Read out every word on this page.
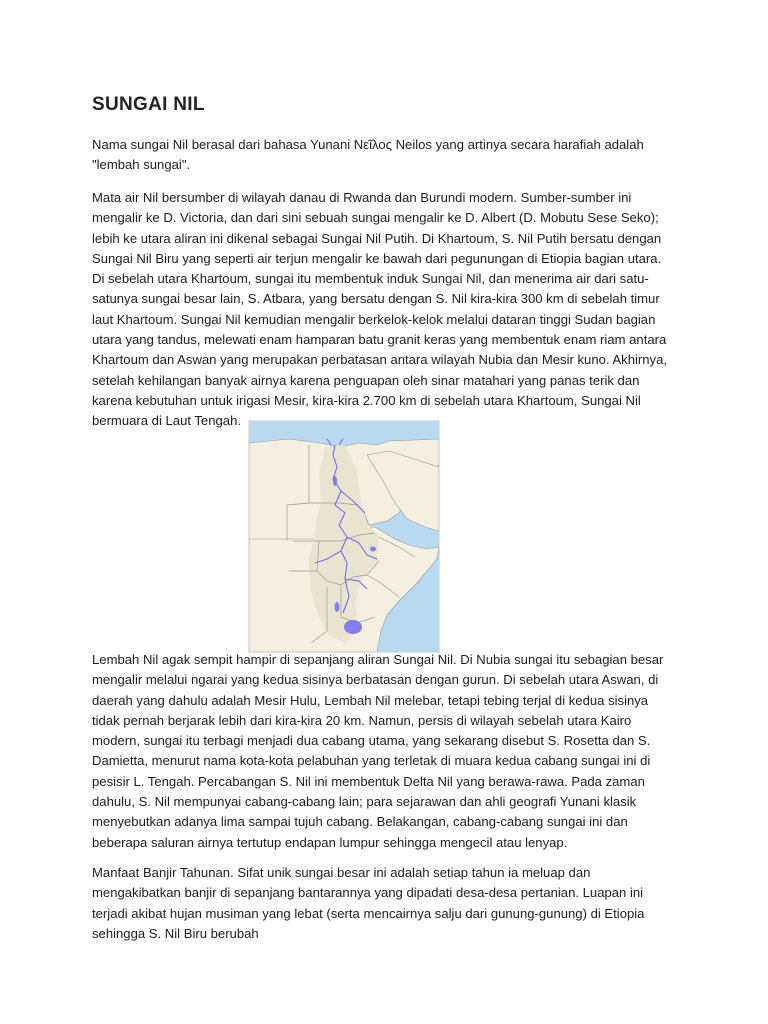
SUNGAI NIL

Nama sungai Nil berasal dari bahasa Yunani Νεῖλος Neilos yang artinya secara harafiah adalah "lembah sungai".

Mata air Nil bersumber di wilayah danau di Rwanda dan Burundi modern. Sumber-sumber ini mengalir ke D. Victoria, dan dari sini sebuah sungai mengalir ke D. Albert (D. Mobutu Sese Seko); lebih ke utara aliran ini dikenal sebagai Sungai Nil Putih. Di Khartoum, S. Nil Putih bersatu dengan Sungai Nil Biru yang seperti air terjun mengalir ke bawah dari pegunungan di Etiopia bagian utara. Di sebelah utara Khartoum, sungai itu membentuk induk Sungai Nil, dan menerima air dari satu-satunya sungai besar lain, S. Atbara, yang bersatu dengan S. Nil kira-kira 300 km di sebelah timur laut Khartoum. Sungai Nil kemudian mengalir berkelok-kelok melalui dataran tinggi Sudan bagian utara yang tandus, melewati enam hamparan batu granit keras yang membentuk enam riam antara Khartoum dan Aswan yang merupakan perbatasan antara wilayah Nubia dan Mesir kuno. Akhirnya, setelah kehilangan banyak airnya karena penguapan oleh sinar matahari yang panas terik dan karena kebutuhan untuk irigasi Mesir, kira-kira 2.700 km di sebelah utara Khartoum, Sungai Nil bermuara di Laut Tengah.

Lembah Nil agak sempit hampir di sepanjang aliran Sungai Nil. Di Nubia sungai itu sebagian besar mengalir melalui ngarai yang kedua sisinya berbatasan dengan gurun. Di sebelah utara Aswan, di daerah yang dahulu adalah Mesir Hulu, Lembah Nil melebar, tetapi tebing terjal di kedua sisinya tidak pernah berjarak lebih dari kira-kira 20 km. Namun, persis di wilayah sebelah utara Kairo modern, sungai itu terbagi menjadi dua cabang utama, yang sekarang disebut S. Rosetta dan S. Damietta, menurut nama kota-kota pelabuhan yang terletak di muara kedua cabang sungai ini di pesisir L. Tengah. Percabangan S. Nil ini membentuk Delta Nil yang berawa-rawa. Pada zaman dahulu, S. Nil mempunyai cabang-cabang lain; para sejarawan dan ahli geografi Yunani klasik menyebutkan adanya lima sampai tujuh cabang. Belakangan, cabang-cabang sungai ini dan beberapa saluran airnya tertutup endapan lumpur sehingga mengecil atau lenyap.

Manfaat Banjir Tahunan. Sifat unik sungai besar ini adalah setiap tahun ia meluap dan mengakibatkan banjir di sepanjang bantarannya yang dipadati desa-desa pertanian. Luapan ini terjadi akibat hujan musiman yang lebat (serta mencairnya salju dari gunung-gunung) di Etiopia sehingga S. Nil Biru berubah
